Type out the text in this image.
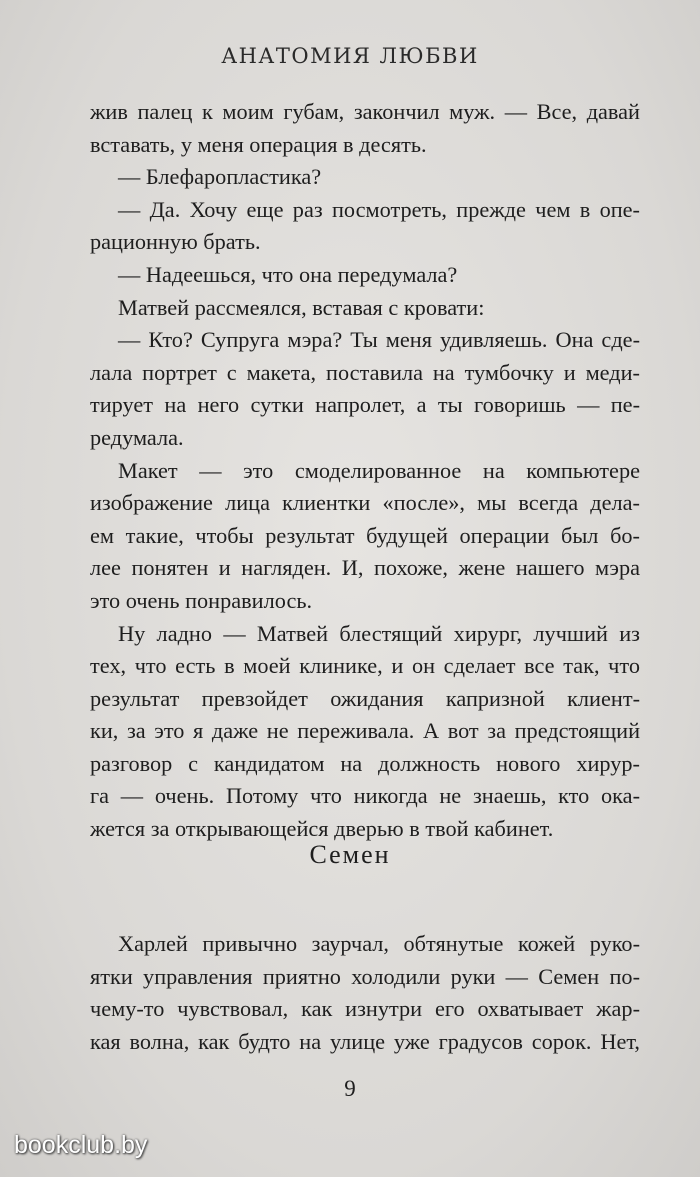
АНАТОМИЯ ЛЮБВИ
жив палец к моим губам, закончил муж. — Все, давай
вставать, у меня операция в десять.
— Блефаропластика?
— Да. Хочу еще раз посмотреть, прежде чем в опе-
рационную брать.
— Надеешься, что она передумала?
Матвей рассмеялся, вставая с кровати:
— Кто? Супруга мэра? Ты меня удивляешь. Она сде-
лала портрет с макета, поставила на тумбочку и меди-
тирует на него сутки напролет, а ты говоришь — пе-
редумала.
Макет — это смоделированное на компьютере
изображение лица клиентки «после», мы всегда дела-
ем такие, чтобы результат будущей операции был бо-
лее понятен и нагляден. И, похоже, жене нашего мэра
это очень понравилось.
Ну ладно — Матвей блестящий хирург, лучший из
тех, что есть в моей клинике, и он сделает все так, что
результат превзойдет ожидания капризной клиент-
ки, за это я даже не переживала. А вот за предстоящий
разговор с кандидатом на должность нового хирур-
га — очень. Потому что никогда не знаешь, кто ока-
жется за открывающейся дверью в твой кабинет.
Семен
Харлей привычно заурчал, обтянутые кожей руко-
ятки управления приятно холодили руки — Семен по-
чему-то чувствовал, как изнутри его охватывает жар-
кая волна, как будто на улице уже градусов сорок. Нет,
9
bookclub.by
